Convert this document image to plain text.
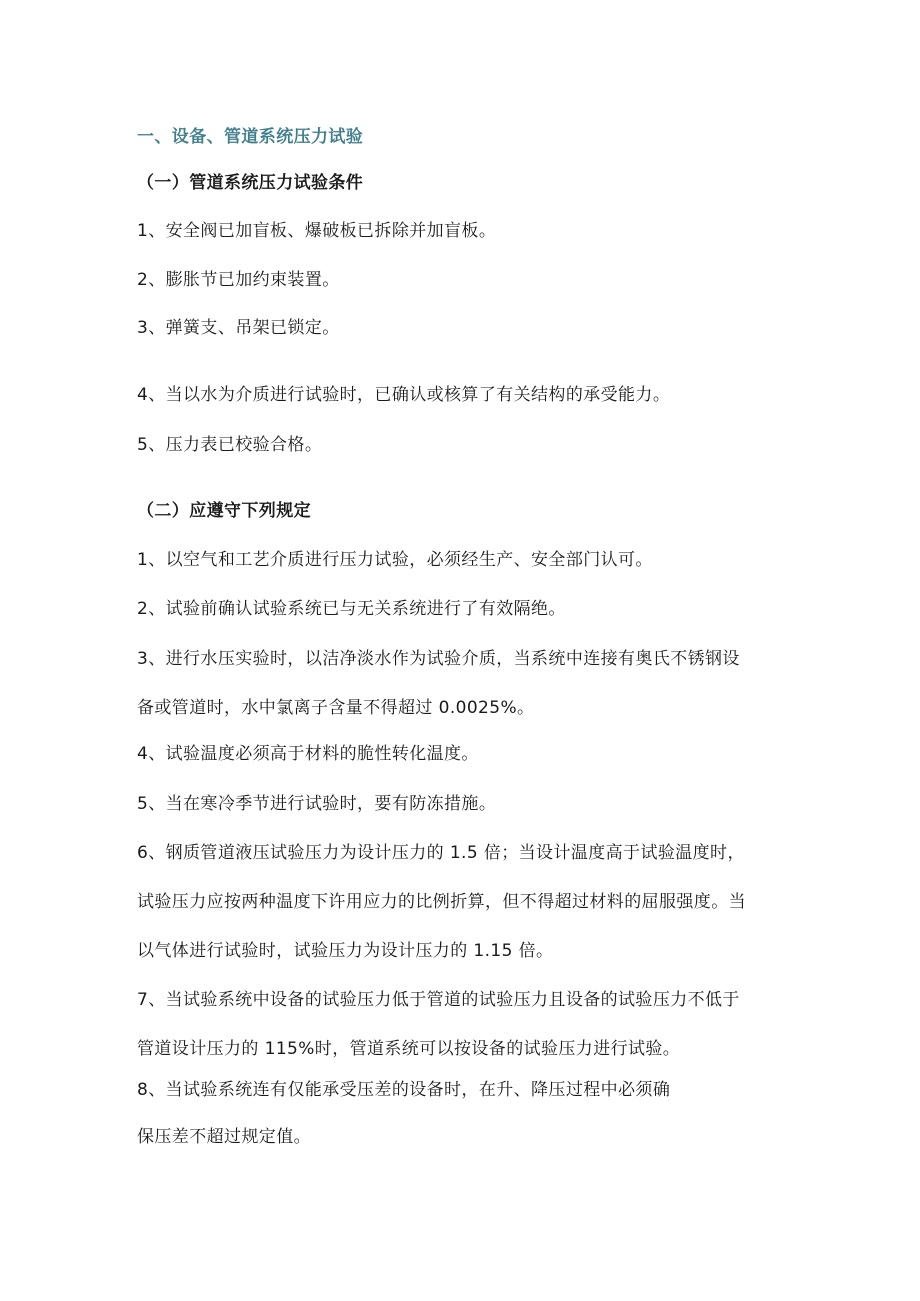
一、设备、管道系统压力试验
（一）管道系统压力试验条件
1、安全阀已加盲板、爆破板已拆除并加盲板。
2、膨胀节已加约束装置。
3、弹簧支、吊架已锁定。
4、当以水为介质进行试验时，已确认或核算了有关结构的承受能力。
5、压力表已校验合格。
（二）应遵守下列规定
1、以空气和工艺介质进行压力试验，必须经生产、安全部门认可。
2、试验前确认试验系统已与无关系统进行了有效隔绝。
3、进行水压实验时，以洁净淡水作为试验介质，当系统中连接有奥氏不锈钢设
备或管道时，水中氯离子含量不得超过 0.0025%。
4、试验温度必须高于材料的脆性转化温度。
5、当在寒冷季节进行试验时，要有防冻措施。
6、钢质管道液压试验压力为设计压力的 1.5 倍；当设计温度高于试验温度时，
试验压力应按两种温度下许用应力的比例折算，但不得超过材料的屈服强度。当
以气体进行试验时，试验压力为设计压力的 1.15 倍。
7、当试验系统中设备的试验压力低于管道的试验压力且设备的试验压力不低于
管道设计压力的 115%时，管道系统可以按设备的试验压力进行试验。
8、当试验系统连有仅能承受压差的设备时，在升、降压过程中必须确
保压差不超过规定值。
